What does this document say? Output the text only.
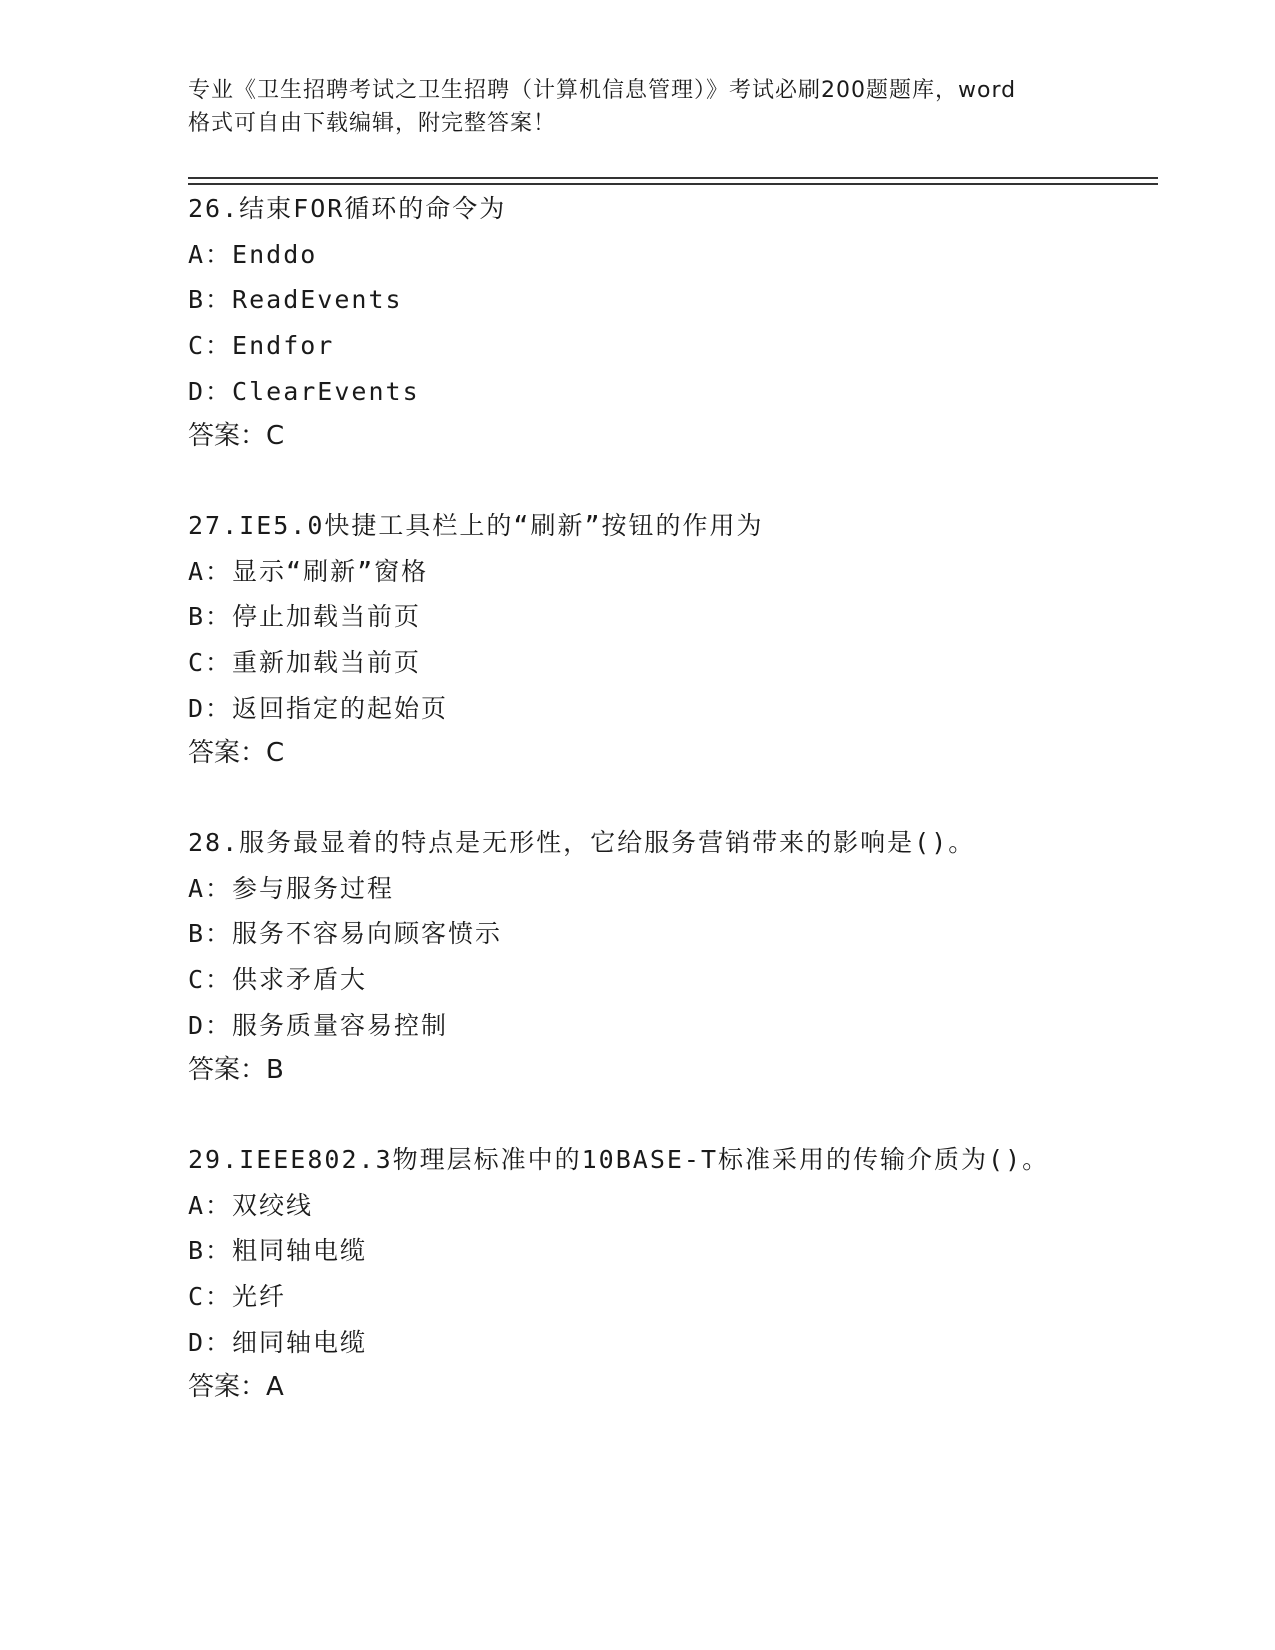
专业《卫生招聘考试之卫生招聘（计算机信息管理）》考试必刷200题题库，word
格式可自由下载编辑，附完整答案！
26.结束FOR循环的命令为
A：Enddo
B：ReadEvents
C：Endfor
D：ClearEvents
答案：C
27.IE5.0快捷工具栏上的“刷新”按钮的作用为
A：显示“刷新”窗格
B：停止加载当前页
C：重新加载当前页
D：返回指定的起始页
答案：C
28.服务最显着的特点是无形性，它给服务营销带来的影响是()。
A：参与服务过程
B：服务不容易向顾客愤示
C：供求矛盾大
D：服务质量容易控制
答案：B
29.IEEE802.3物理层标准中的10BASE-T标准采用的传输介质为()。
A：双绞线
B：粗同轴电缆
C：光纤
D：细同轴电缆
答案：A
